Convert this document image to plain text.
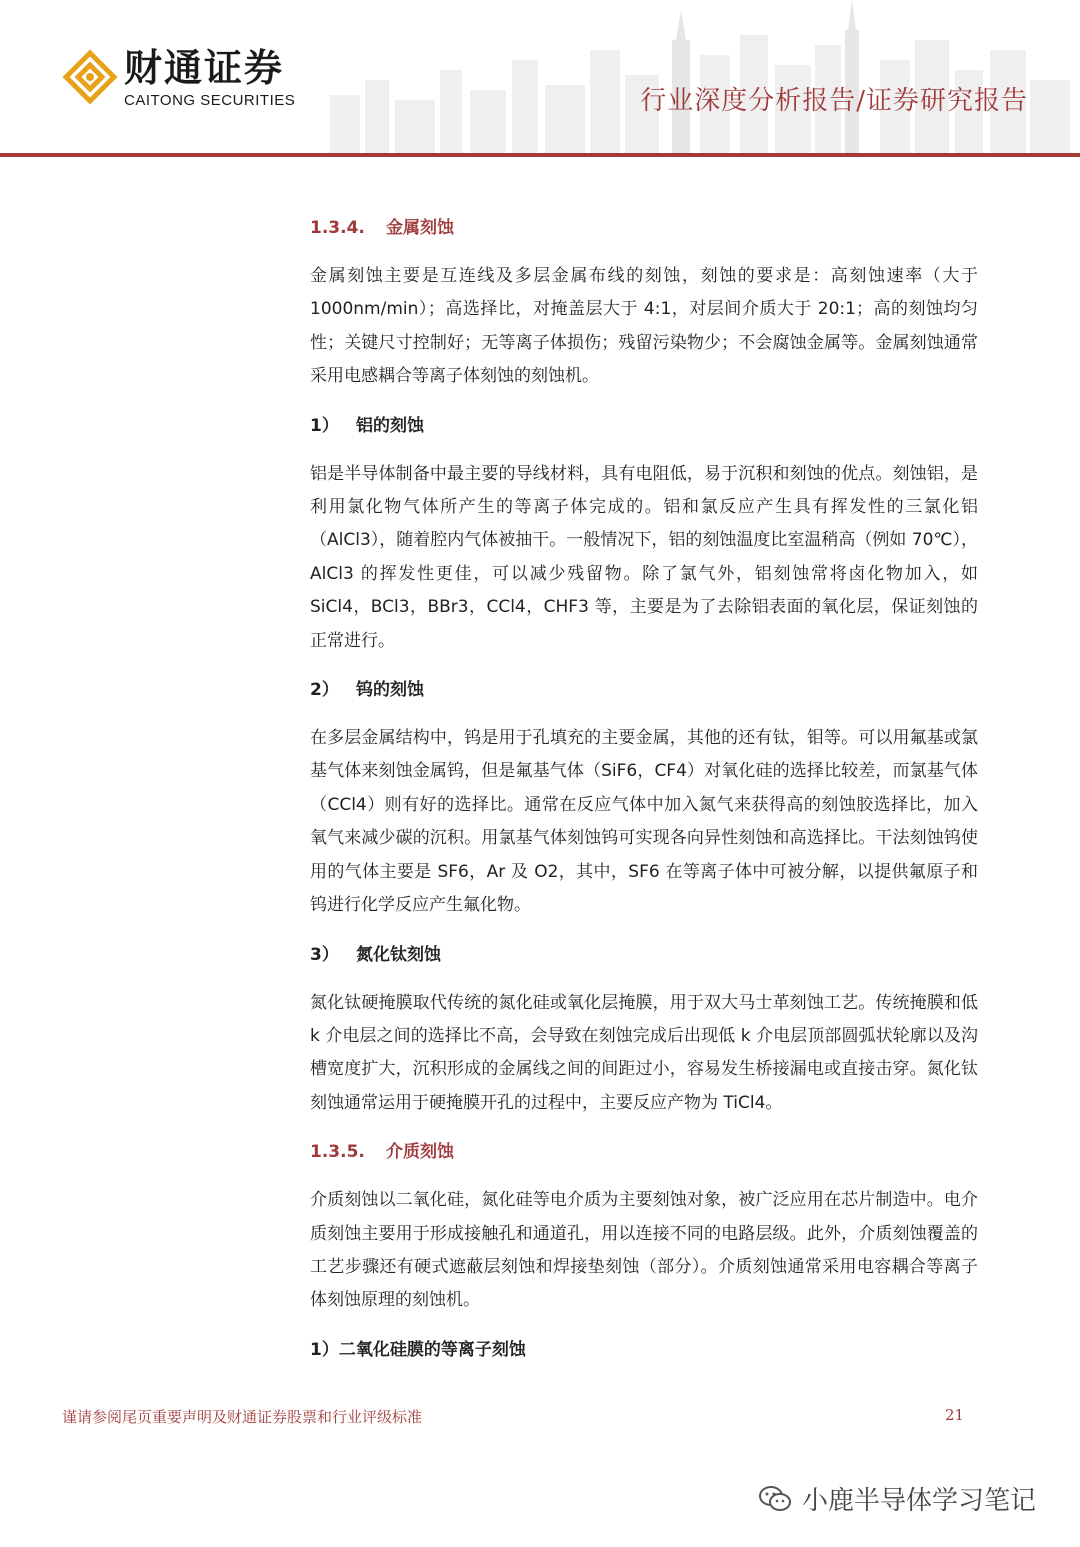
财通证券
CAITONG SECURITIES	行业深度分析报告/证券研究报告
1.3.4. 金属刻蚀

金属刻蚀主要是互连线及多层金属布线的刻蚀，刻蚀的要求是：高刻蚀速率（大于 1000nm/min）；高选择比，对掩盖层大于 4:1，对层间介质大于 20:1；高的刻蚀均匀性；关键尺寸控制好；无等离子体损伤；残留污染物少；不会腐蚀金属等。金属刻蚀通常采用电感耦合等离子体刻蚀的刻蚀机。

1） 铝的刻蚀

铝是半导体制备中最主要的导线材料，具有电阻低，易于沉积和刻蚀的优点。刻蚀铝，是利用氯化物气体所产生的等离子体完成的。铝和氯反应产生具有挥发性的三氯化铝（AlCl3），随着腔内气体被抽干。一般情况下，铝的刻蚀温度比室温稍高（例如 70℃），AlCl3 的挥发性更佳，可以减少残留物。除了氯气外，铝刻蚀常将卤化物加入，如 SiCl4，BCl3，BBr3，CCl4，CHF3 等，主要是为了去除铝表面的氧化层，保证刻蚀的正常进行。

2） 钨的刻蚀

在多层金属结构中，钨是用于孔填充的主要金属，其他的还有钛，钼等。可以用氟基或氯基气体来刻蚀金属钨，但是氟基气体（SiF6，CF4）对氧化硅的选择比较差，而氯基气体（CCl4）则有好的选择比。通常在反应气体中加入氮气来获得高的刻蚀胶选择比，加入氧气来减少碳的沉积。用氯基气体刻蚀钨可实现各向异性刻蚀和高选择比。干法刻蚀钨使用的气体主要是 SF6，Ar 及 O2，其中，SF6 在等离子体中可被分解，以提供氟原子和钨进行化学反应产生氟化物。

3） 氮化钛刻蚀

氮化钛硬掩膜取代传统的氮化硅或氧化层掩膜，用于双大马士革刻蚀工艺。传统掩膜和低 k 介电层之间的选择比不高，会导致在刻蚀完成后出现低 k 介电层顶部圆弧状轮廓以及沟槽宽度扩大，沉积形成的金属线之间的间距过小，容易发生桥接漏电或直接击穿。氮化钛刻蚀通常运用于硬掩膜开孔的过程中，主要反应产物为 TiCl4。

1.3.5. 介质刻蚀

介质刻蚀以二氧化硅，氮化硅等电介质为主要刻蚀对象，被广泛应用在芯片制造中。电介质刻蚀主要用于形成接触孔和通道孔，用以连接不同的电路层级。此外，介质刻蚀覆盖的工艺步骤还有硬式遮蔽层刻蚀和焊接垫刻蚀（部分）。介质刻蚀通常采用电容耦合等离子体刻蚀原理的刻蚀机。

1）二氧化硅膜的等离子刻蚀
谨请参阅尾页重要声明及财通证券股票和行业评级标准	21
小鹿半导体学习笔记
